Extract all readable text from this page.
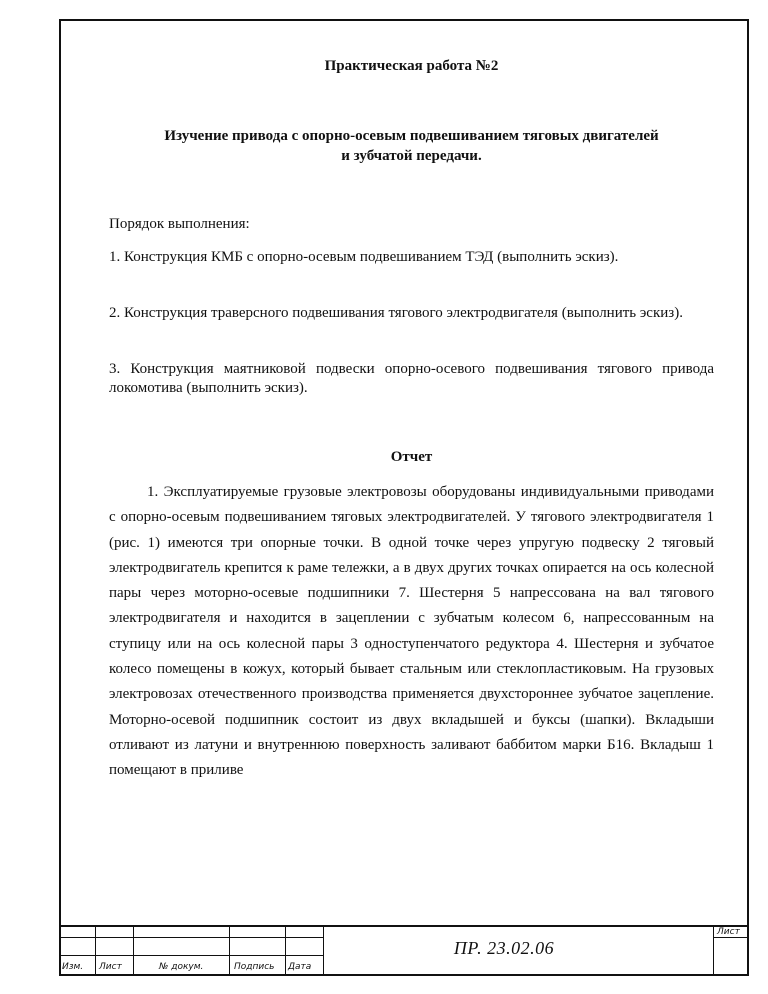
Практическая работа №2
Изучение привода с опорно-осевым подвешиванием тяговых двигателей
и зубчатой передачи.
Порядок выполнения:
1. Конструкция КМБ с опорно-осевым подвешиванием ТЭД (выполнить эскиз).
2. Конструкция траверсного подвешивания тягового электродвигателя (выполнить эскиз).
3. Конструкция маятниковой подвески опорно-осевого подвешивания тягового привода локомотива (выполнить эскиз).
Отчет
1. Эксплуатируемые грузовые электровозы оборудованы индивидуальными приводами с опорно-осевым подвешиванием тяговых электродвигателей. У тягового электродвигателя 1 (рис. 1) имеются три опорные точки. В одной точке через упругую подвеску 2 тяговый электродвигатель крепится к раме тележки, а в двух других точках опирается на ось колесной пары через моторно-осевые подшипники 7. Шестерня 5 напрессована на вал тягового электродвигателя и находится в зацеплении с зубчатым колесом 6, напрессованным на ступицу или на ось колесной пары 3 одноступенчатого редуктора 4. Шестерня и зубчатое колесо помещены в кожух, который бывает стальным или стеклопластиковым. На грузовых электровозах отечественного производства применяется двухстороннее зубчатое зацепление. Моторно-осевой подшипник состоит из двух вкладышей и буксы (шапки). Вкладыши отливают из латуни и внутреннюю поверхность заливают баббитом марки Б16. Вкладыш 1 помещают в приливе
Изм. Лист	№ докум.	Подпись Дата
Лист
ПР. 23.02.06
